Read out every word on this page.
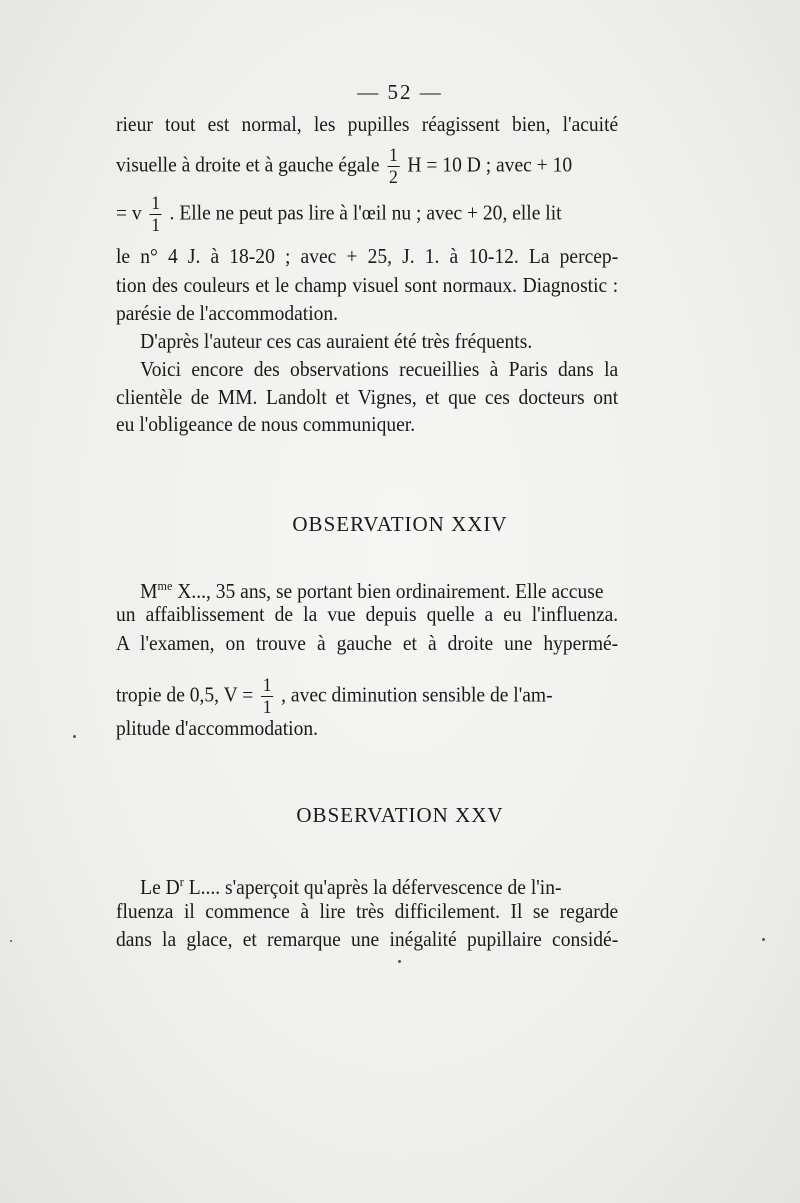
— 52 —
rieur tout est normal, les pupilles réagissent bien, l'acuité
visuelle à droite et à gauche égale $\frac{1}{2}$ H = 10 D ; avec + 10
= v $\frac{1}{1}$ . Elle ne peut pas lire à l'œil nu ; avec + 20, elle lit
le n° 4 J. à 18-20 ; avec + 25, J. 1. à 10-12. La percep-
tion des couleurs et le champ visuel sont normaux. Diagnostic :
parésie de l'accommodation.
D'après l'auteur ces cas auraient été très fréquents.
Voici encore des observations recueillies à Paris dans la
clientèle de MM. Landolt et Vignes, et que ces docteurs ont
eu l'obligeance de nous communiquer.
OBSERVATION XXIV
$M^{me}$ X..., 35 ans, se portant bien ordinairement. Elle accuse
un affaiblissement de la vue depuis quelle a eu l'influenza.
A l'examen, on trouve à gauche et à droite une hypermé-
tropie de 0,5, $V = \frac{1}{1}$ , avec diminution sensible de l'am-
plitude d'accommodation.
OBSERVATION XXV
Le $D^r$ L.... s'aperçoit qu'après la défervescence de l'in-
fluenza il commence à lire très difficilement. Il se regarde
dans la glace, et remarque une inégalité pupillaire considé-
